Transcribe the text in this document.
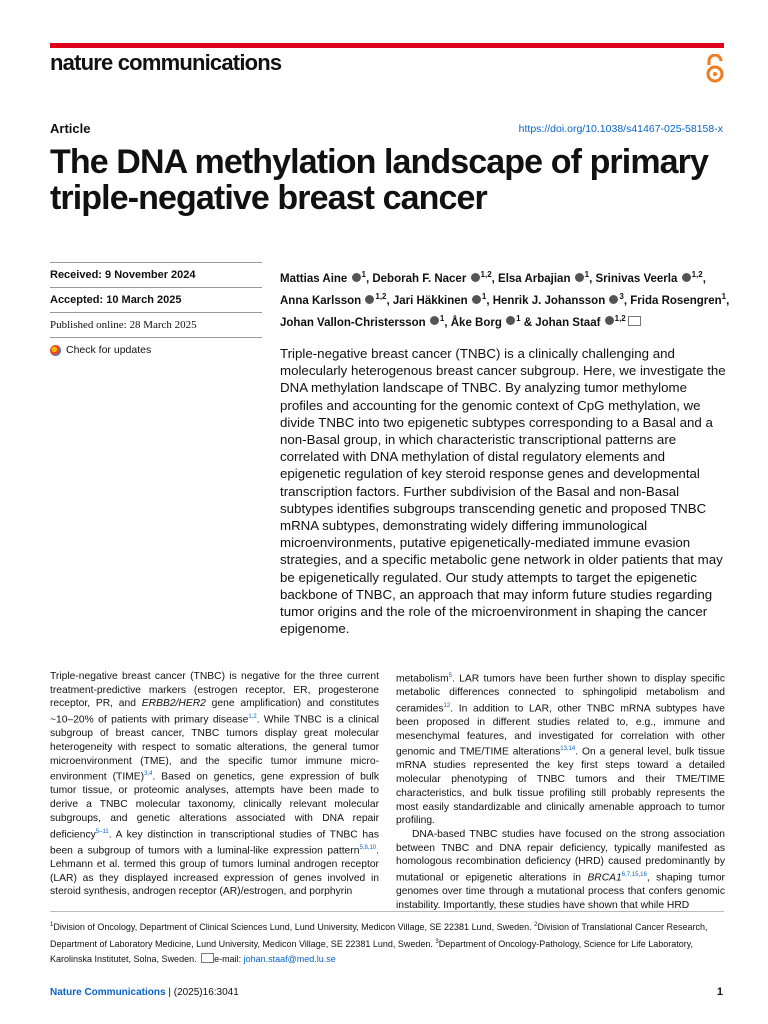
nature communications
Article	https://doi.org/10.1038/s41467-025-58158-x
The DNA methylation landscape of primary triple-negative breast cancer
Received: 9 November 2024
Accepted: 10 March 2025
Published online: 28 March 2025
Check for updates
Mattias Aine $^1$, Deborah F. Nacer $^{1,2}$, Elsa Arbajian $^1$, Srinivas Veerla $^{1,2}$,
Anna Karlsson $^{1,2}$, Jari Häkkinen $^1$, Henrik J. Johansson $^3$, Frida Rosengren$^1$,
Johan Vallon-Christersson $^1$, Åke Borg $^1$ & Johan Staaf $^{1,2}$
Triple-negative breast cancer (TNBC) is a clinically challenging and molecularly heterogenous breast cancer subgroup. Here, we investigate the DNA methylation landscape of TNBC. By analyzing tumor methylome profiles and accounting for the genomic context of CpG methylation, we divide TNBC into two epigenetic subtypes corresponding to a Basal and a non-Basal group, in which characteristic transcriptional patterns are correlated with DNA methylation of distal regulatory elements and epigenetic regulation of key steroid response genes and developmental transcription factors. Further subdivision of the Basal and non-Basal subtypes identifies subgroups transcending genetic and proposed TNBC mRNA subtypes, demonstrating widely differing immunological microenvironments, putative epigenetically-mediated immune evasion strategies, and a specific metabolic gene network in older patients that may be epigenetically regulated. Our study attempts to target the epigenetic backbone of TNBC, an approach that may inform future studies regarding tumor origins and the role of the microenvironment in shaping the cancer epigenome.

Triple-negative breast cancer (TNBC) is negative for the three current treatment-predictive markers (estrogen receptor, ER, progesterone receptor, PR, and ERBB2/HER2 gene amplification) and constitutes ~10–20% of patients with primary disease$^{1,2}$. While TNBC is a clinical subgroup of breast cancer, TNBC tumors display great molecular heterogeneity with respect to somatic alterations, the general tumor microenvironment (TME), and the specific tumor immune micro-environment (TIME)$^{3,4}$. Based on genetics, gene expression of bulk tumor tissue, or proteomic analyses, attempts have been made to derive a TNBC molecular taxonomy, clinically relevant molecular subgroups, and genetic alterations associated with DNA repair deficiency$^{5-11}$. A key distinction in transcriptional studies of TNBC has been a subgroup of tumors with a luminal-like expression pattern$^{5,8,10}$. Lehmann et al. termed this group of tumors luminal androgen receptor (LAR) as they displayed increased expression of genes involved in steroid synthesis, androgen receptor (AR)/estrogen, and porphyrin

metabolism$^5$. LAR tumors have been further shown to display specific metabolic differences connected to sphingolipid metabolism and ceramides$^{12}$. In addition to LAR, other TNBC mRNA subtypes have been proposed in different studies related to, e.g., immune and mesenchymal features, and investigated for correlation with other genomic and TME/TIME alterations$^{13,14}$. On a general level, bulk tissue mRNA studies represented the key first steps toward a detailed molecular phenotyping of TNBC tumors and their TME/TIME characteristics, and bulk tissue profiling still probably represents the most easily standardizable and clinically amenable approach to tumor profiling.

DNA-based TNBC studies have focused on the strong association between TNBC and DNA repair deficiency, typically manifested as homologous recombination deficiency (HRD) caused predominantly by mutational or epigenetic alterations in BRCA1$^{6,7,15,16}$, shaping tumor genomes over time through a mutational process that confers genomic instability. Importantly, these studies have shown that while HRD

$^1$Division of Oncology, Department of Clinical Sciences Lund, Lund University, Medicon Village, SE 22381 Lund, Sweden. $^2$Division of Translational Cancer Research, Department of Laboratory Medicine, Lund University, Medicon Village, SE 22381 Lund, Sweden. $^3$Department of Oncology-Pathology, Science for Life Laboratory, Karolinska Institutet, Solna, Sweden. e-mail: johan.staaf@med.lu.se
Nature Communications | (2025)16:3041	1
